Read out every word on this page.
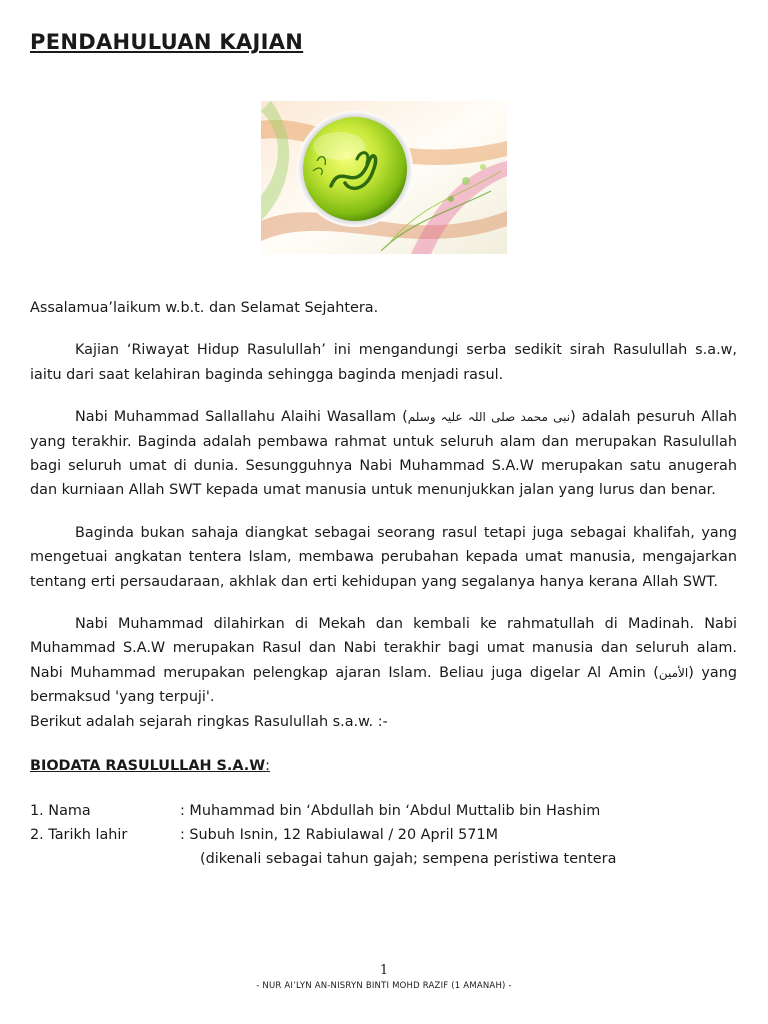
PENDAHULUAN KAJIAN

Assalamua’laikum w.b.t. dan Selamat Sejahtera.

Kajian ‘Riwayat Hidup Rasulullah’ ini mengandungi serba sedikit sirah Rasulullah s.a.w, iaitu dari saat kelahiran baginda sehingga baginda menjadi rasul.

Nabi Muhammad Sallallahu Alaihi Wasallam (نبی محمد صلی اللہ علیہ وسلم) adalah pesuruh Allah yang terakhir. Baginda adalah pembawa rahmat untuk seluruh alam dan merupakan Rasulullah bagi seluruh umat di dunia. Sesungguhnya Nabi Muhammad S.A.W merupakan satu anugerah dan kurniaan Allah SWT kepada umat manusia untuk menunjukkan jalan yang lurus dan benar.

Baginda bukan sahaja diangkat sebagai seorang rasul tetapi juga sebagai khalifah, yang mengetuai angkatan tentera Islam, membawa perubahan kepada umat manusia, mengajarkan tentang erti persaudaraan, akhlak dan erti kehidupan yang segalanya hanya kerana Allah SWT.

Nabi Muhammad dilahirkan di Mekah dan kembali ke rahmatullah di Madinah. Nabi Muhammad S.A.W merupakan Rasul dan Nabi terakhir bagi umat manusia dan seluruh alam. Nabi Muhammad merupakan pelengkap ajaran Islam. Beliau juga digelar Al Amin (الأمين) yang bermaksud 'yang terpuji'.

Berikut adalah sejarah ringkas Rasulullah s.a.w. :-

BIODATA RASULULLAH S.A.W:

1. Nama	: Muhammad bin ‘Abdullah bin ‘Abdul Muttalib bin Hashim
2. Tarikh lahir	: Subuh Isnin, 12 Rabiulawal / 20 April 571M
(dikenali sebagai tahun gajah; sempena peristiwa tentera
1
- NUR AI’LYN AN-NISRYN BINTI MOHD RAZIF (1 AMANAH) -
